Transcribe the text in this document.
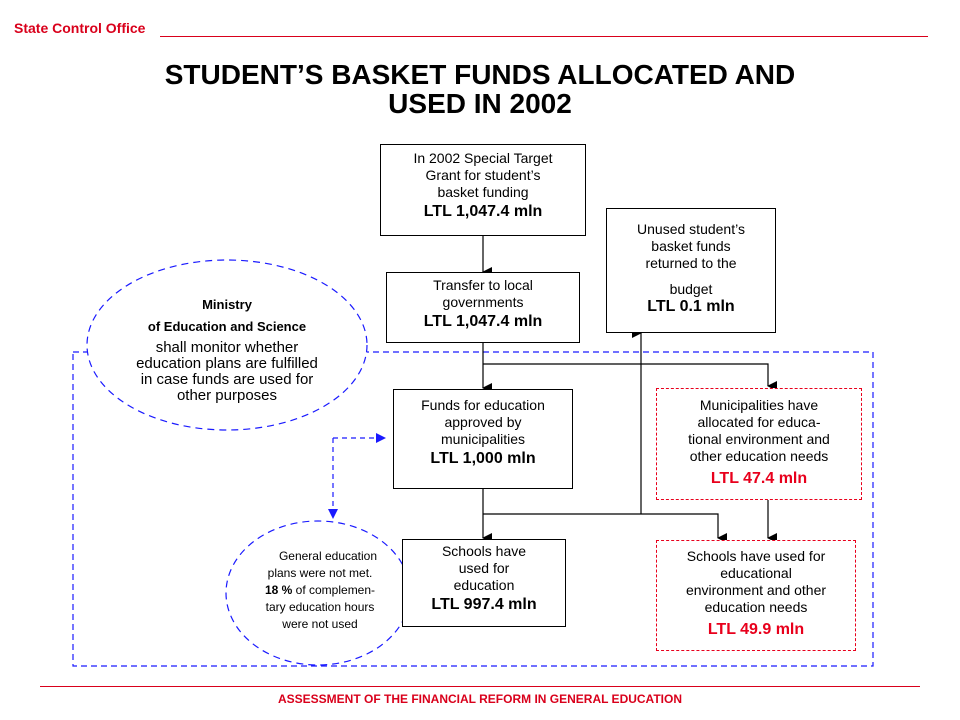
State Control Office
STUDENT’S BASKET FUNDS ALLOCATED AND
USED IN 2002
In 2002 Special Target
Grant for student’s
basket funding
LTL 1,047.4 mln
Transfer to local
governments
LTL 1,047.4 mln
Unused student’s
basket funds
returned to the
budget
LTL 0.1 mln
Funds for education
approved by
municipalities
LTL 1,000 mln
Municipalities have
allocated for educa-
tional environment and
other education needs
LTL 47.4 mln
Schools have
used for
education
LTL 997.4 mln
Schools have used for
educational
environment and other
education needs
LTL 49.9 mln
Ministry
of Education and Science
shall monitor whether
education plans are fulfilled
in case funds are used for
other purposes
General education
plans were not met.
18 % of complemen-
tary education hours
were not used
ASSESSMENT OF THE FINANCIAL REFORM IN GENERAL EDUCATION
